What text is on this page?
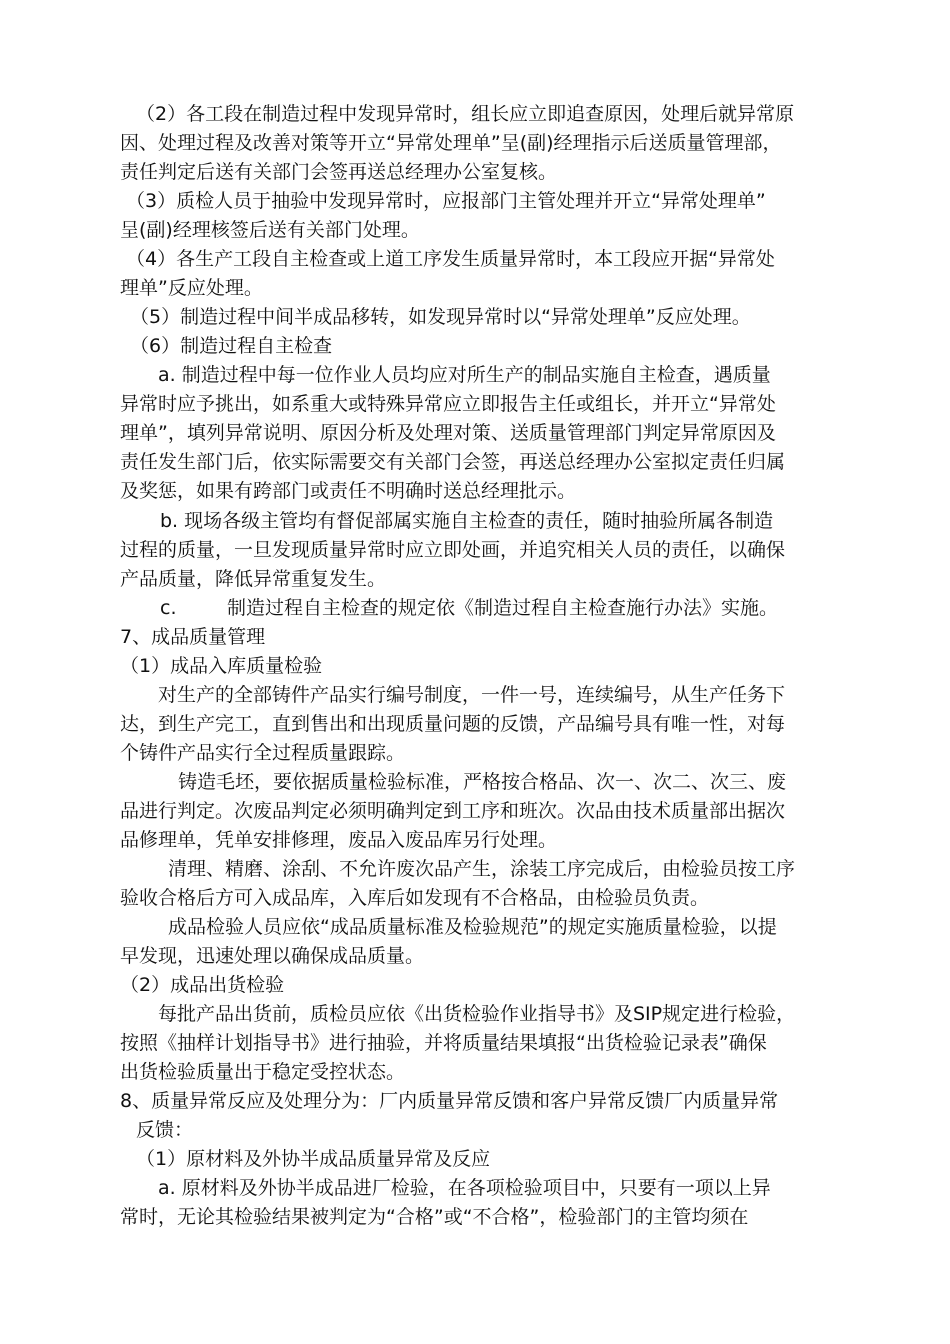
（2）各工段在制造过程中发现异常时，组长应立即追查原因，处理后就异常原
因、处理过程及改善对策等开立“异常处理单”呈(副)经理指示后送质量管理部，
责任判定后送有关部门会签再送总经理办公室复核。
（3）质检人员于抽验中发现异常时，应报部门主管处理并开立“异常处理单”
呈(副)经理核签后送有关部门处理。
（4）各生产工段自主检查或上道工序发生质量异常时，本工段应开据“异常处
理单”反应处理。
（5）制造过程中间半成品移转，如发现异常时以“异常处理单”反应处理。
（6）制造过程自主检查
a. 制造过程中每一位作业人员均应对所生产的制品实施自主检查，遇质量
异常时应予挑出，如系重大或特殊异常应立即报告主任或组长，并开立“异常处
理单”，填列异常说明、原因分析及处理对策、送质量管理部门判定异常原因及
责任发生部门后，依实际需要交有关部门会签，再送总经理办公室拟定责任归属
及奖惩，如果有跨部门或责任不明确时送总经理批示。
b. 现场各级主管均有督促部属实施自主检查的责任，随时抽验所属各制造
过程的质量，一旦发现质量异常时应立即处画，并追究相关人员的责任，以确保
产品质量，降低异常重复发生。
c.	制造过程自主检查的规定依《制造过程自主检查施行办法》实施。
7、成品质量管理
（1）成品入库质量检验
对生产的全部铸件产品实行编号制度，一件一号，连续编号，从生产任务下
达，到生产完工，直到售出和出现质量问题的反馈，产品编号具有唯一性，对每
个铸件产品实行全过程质量跟踪。
铸造毛坯，要依据质量检验标准，严格按合格品、次一、次二、次三、废
品进行判定。次废品判定必须明确判定到工序和班次。次品由技术质量部出据次
品修理单，凭单安排修理，废品入废品库另行处理。
清理、精磨、涂刮、不允许废次品产生，涂装工序完成后，由检验员按工序
验收合格后方可入成品库，入库后如发现有不合格品，由检验员负责。
成品检验人员应依“成品质量标准及检验规范”的规定实施质量检验，以提
早发现，迅速处理以确保成品质量。
（2）成品出货检验
每批产品出货前，质检员应依《出货检验作业指导书》及SIP规定进行检验，
按照《抽样计划指导书》进行抽验，并将质量结果填报“出货检验记录表”确保
出货检验质量出于稳定受控状态。
8、质量异常反应及处理分为：厂内质量异常反馈和客户异常反馈厂内质量异常
反馈：
（1）原材料及外协半成品质量异常及反应
a. 原材料及外协半成品进厂检验，在各项检验项目中，只要有一项以上异
常时，无论其检验结果被判定为“合格”或“不合格”，检验部门的主管均须在
